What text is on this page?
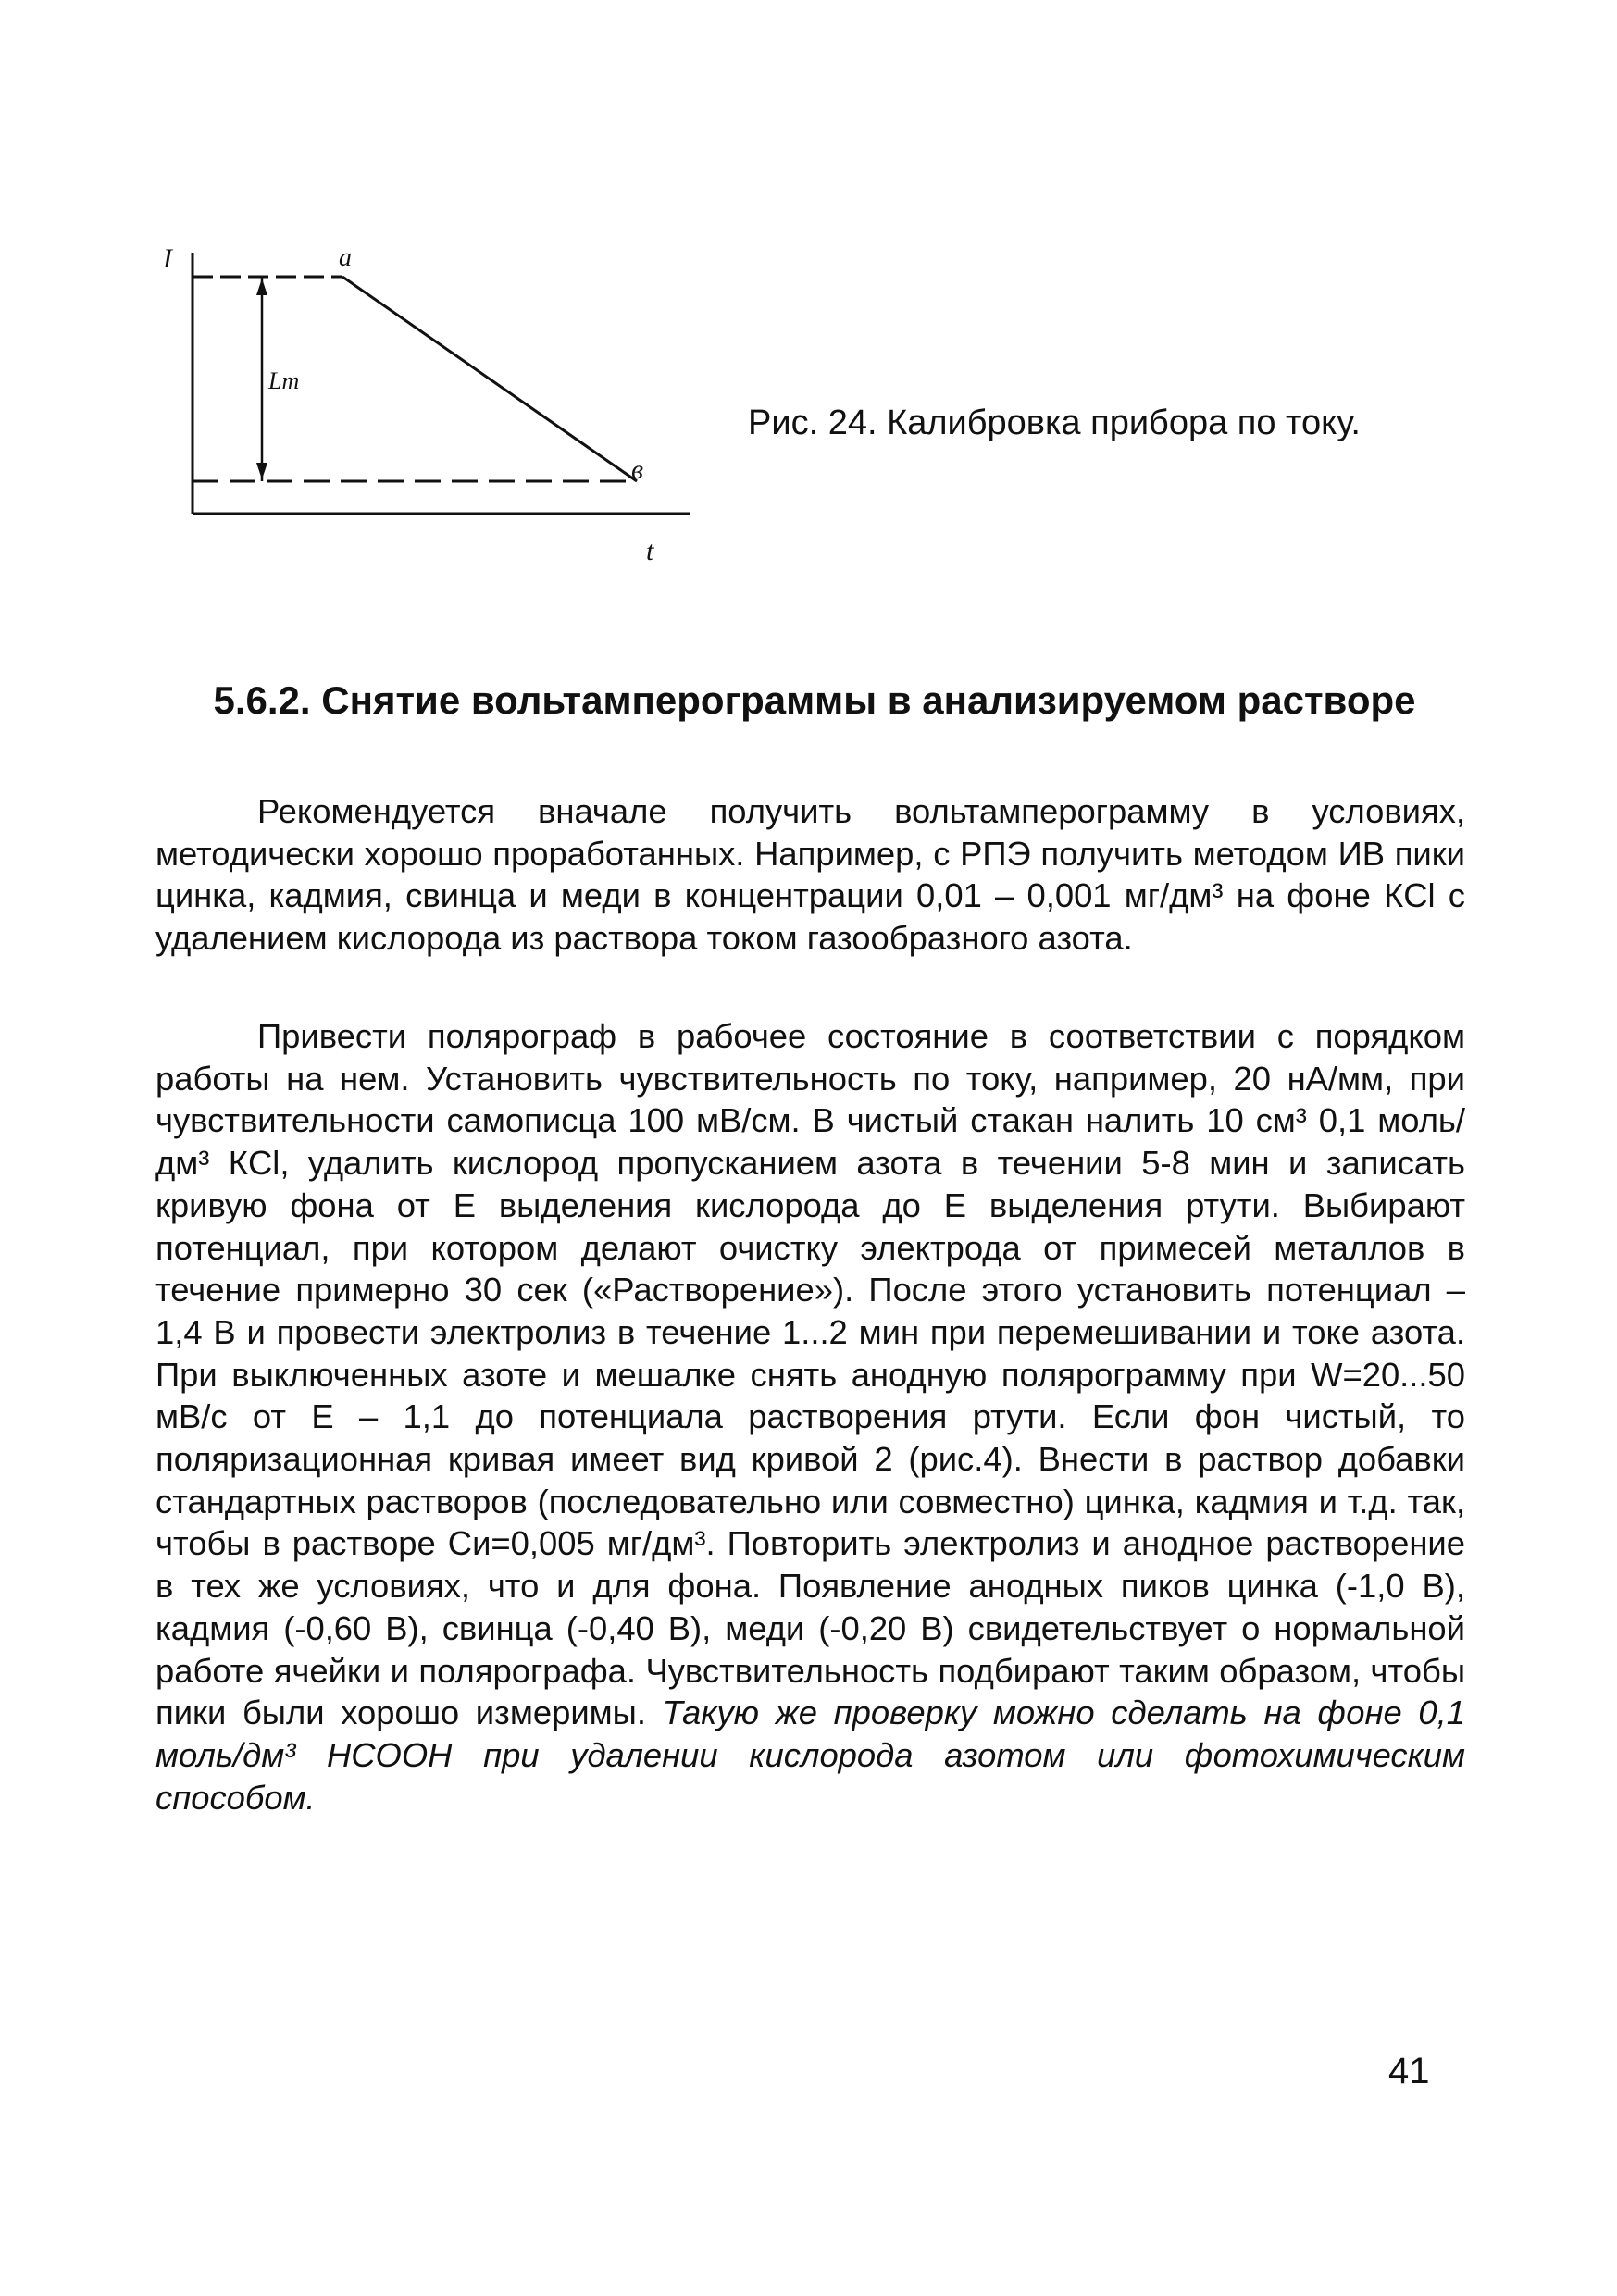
I	a
в
Lm
t
Рис. 24. Калибровка прибора по току.
5.6.2. Снятие вольтамперограммы в анализируемом растворе
Рекомендуется вначале получить вольтамперограмму в условиях, методически хорошо проработанных. Например, с РПЭ получить методом ИВ пики цинка, кадмия, свинца и меди в концентрации 0,01 – 0,001 мг/дм³ на фоне КCl с удалением кислорода из раствора током газообразного азота.
Привести полярограф в рабочее состояние в соответствии с порядком работы на нем. Установить чувствительность по току, например, 20 нА/мм, при чувствительности самописца 100 мВ/см. В чистый стакан налить 10 см³ 0,1 моль/дм³ КCl, удалить кислород пропусканием азота в течении 5-8 мин и записать кривую фона от Е выделения кислорода до Е выделения ртути. Выбирают потенциал, при котором делают очистку электрода от примесей металлов в течение примерно 30 сек («Растворение»). После этого установить потенциал – 1,4 В и провести электролиз в течение 1...2 мин при перемешивании и токе азота. При выключенных азоте и мешалке снять анодную полярограмму при W=20...50 мВ/с от Е – 1,1 до потенциала растворения ртути. Если фон чистый, то поляризационная кривая имеет вид кривой 2 (рис.4). Внести в раствор добавки стандартных растворов (последовательно или совместно) цинка, кадмия и т.д. так, чтобы в растворе Cи=0,005 мг/дм³. Повторить электролиз и анодное растворение в тех же условиях, что и для фона. Появление анодных пиков цинка (-1,0 В), кадмия (-0,60 В), свинца (-0,40 В), меди (-0,20 В) свидетельствует о нормальной работе ячейки и полярографа. Чувствительность подбирают таким образом, чтобы пики были хорошо измеримы. Такую же проверку можно сделать на фоне 0,1 моль/дм³ HCOOH при удалении кислорода азотом или фотохимическим способом.
41
